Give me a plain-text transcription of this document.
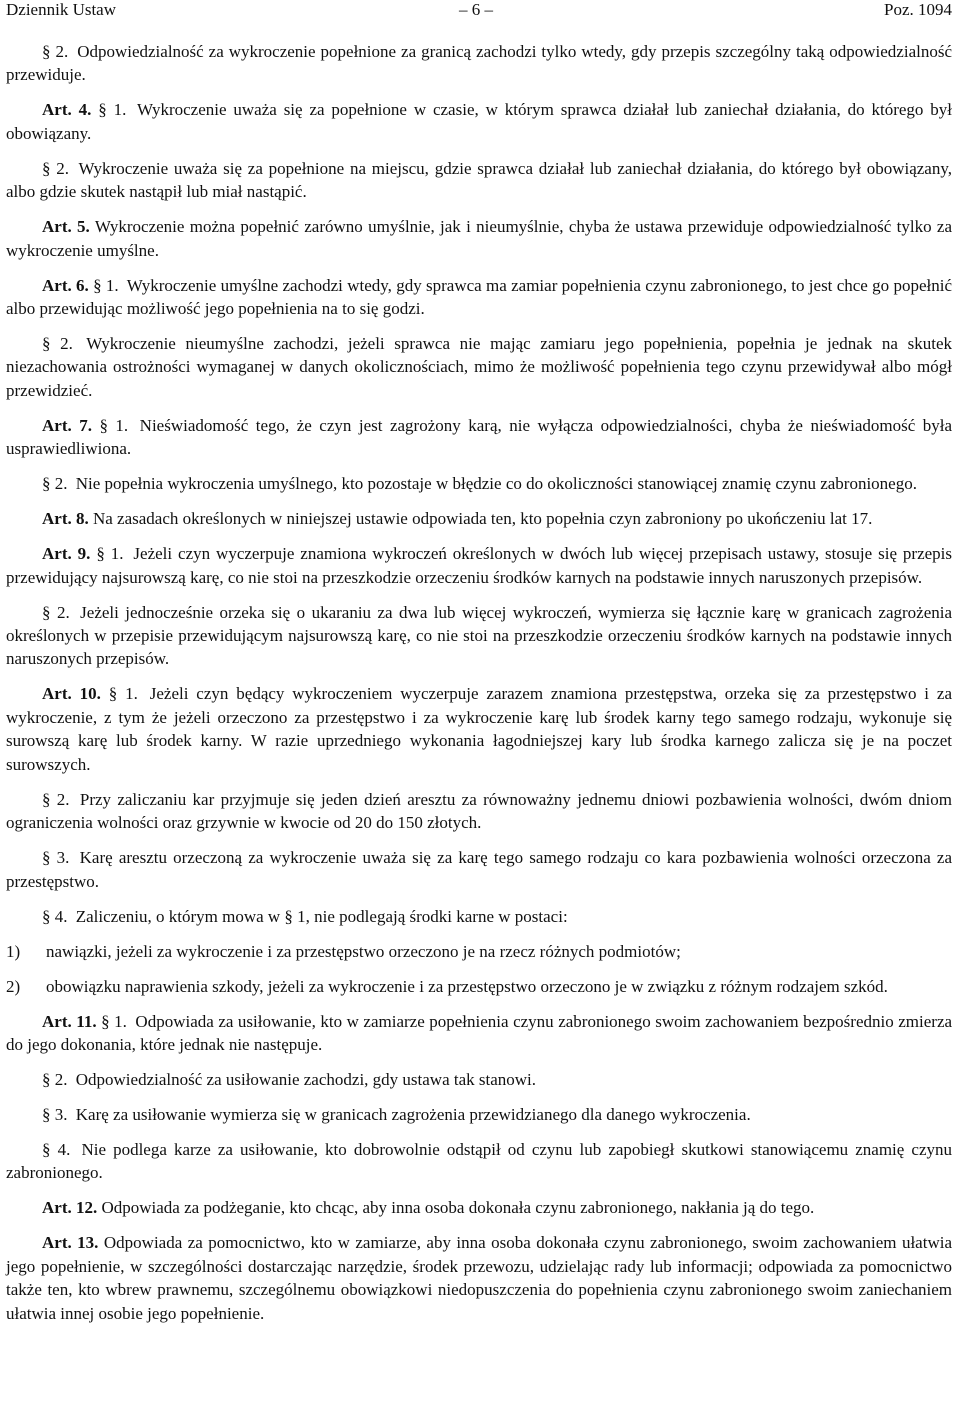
Dziennik Ustaw	– 6 –	Poz. 1094

§ 2. Odpowiedzialność za wykroczenie popełnione za granicą zachodzi tylko wtedy, gdy przepis szczególny taką odpowiedzialność przewiduje.

Art. 4. § 1. Wykroczenie uważa się za popełnione w czasie, w którym sprawca działał lub zaniechał działania, do którego był obowiązany.

§ 2. Wykroczenie uważa się za popełnione na miejscu, gdzie sprawca działał lub zaniechał działania, do którego był obowiązany, albo gdzie skutek nastąpił lub miał nastąpić.

Art. 5. Wykroczenie można popełnić zarówno umyślnie, jak i nieumyślnie, chyba że ustawa przewiduje odpowiedzialność tylko za wykroczenie umyślne.

Art. 6. § 1. Wykroczenie umyślne zachodzi wtedy, gdy sprawca ma zamiar popełnienia czynu zabronionego, to jest chce go popełnić albo przewidując możliwość jego popełnienia na to się godzi.

§ 2. Wykroczenie nieumyślne zachodzi, jeżeli sprawca nie mając zamiaru jego popełnienia, popełnia je jednak na skutek niezachowania ostrożności wymaganej w danych okolicznościach, mimo że możliwość popełnienia tego czynu przewidywał albo mógł przewidzieć.

Art. 7. § 1. Nieświadomość tego, że czyn jest zagrożony karą, nie wyłącza odpowiedzialności, chyba że nieświadomość była usprawiedliwiona.

§ 2. Nie popełnia wykroczenia umyślnego, kto pozostaje w błędzie co do okoliczności stanowiącej znamię czynu zabronionego.

Art. 8. Na zasadach określonych w niniejszej ustawie odpowiada ten, kto popełnia czyn zabroniony po ukończeniu lat 17.

Art. 9. § 1. Jeżeli czyn wyczerpuje znamiona wykroczeń określonych w dwóch lub więcej przepisach ustawy, stosuje się przepis przewidujący najsurowszą karę, co nie stoi na przeszkodzie orzeczeniu środków karnych na podstawie innych naruszonych przepisów.

§ 2. Jeżeli jednocześnie orzeka się o ukaraniu za dwa lub więcej wykroczeń, wymierza się łącznie karę w granicach zagrożenia określonych w przepisie przewidującym najsurowszą karę, co nie stoi na przeszkodzie orzeczeniu środków karnych na podstawie innych naruszonych przepisów.

Art. 10. § 1. Jeżeli czyn będący wykroczeniem wyczerpuje zarazem znamiona przestępstwa, orzeka się za przestępstwo i za wykroczenie, z tym że jeżeli orzeczono za przestępstwo i za wykroczenie karę lub środek karny tego samego rodzaju, wykonuje się surowszą karę lub środek karny. W razie uprzedniego wykonania łagodniejszej kary lub środka karnego zalicza się je na poczet surowszych.

§ 2. Przy zaliczaniu kar przyjmuje się jeden dzień aresztu za równoważny jednemu dniowi pozbawienia wolności, dwóm dniom ograniczenia wolności oraz grzywnie w kwocie od 20 do 150 złotych.

§ 3. Karę aresztu orzeczoną za wykroczenie uważa się za karę tego samego rodzaju co kara pozbawienia wolności orzeczona za przestępstwo.

§ 4. Zaliczeniu, o którym mowa w § 1, nie podlegają środki karne w postaci:

1)	nawiązki, jeżeli za wykroczenie i za przestępstwo orzeczono je na rzecz różnych podmiotów;
2)	obowiązku naprawienia szkody, jeżeli za wykroczenie i za przestępstwo orzeczono je w związku z różnym rodzajem szkód.

Art. 11. § 1. Odpowiada za usiłowanie, kto w zamiarze popełnienia czynu zabronionego swoim zachowaniem bezpośrednio zmierza do jego dokonania, które jednak nie następuje.

§ 2. Odpowiedzialność za usiłowanie zachodzi, gdy ustawa tak stanowi.

§ 3. Karę za usiłowanie wymierza się w granicach zagrożenia przewidzianego dla danego wykroczenia.

§ 4. Nie podlega karze za usiłowanie, kto dobrowolnie odstąpił od czynu lub zapobiegł skutkowi stanowiącemu znamię czynu zabronionego.

Art. 12. Odpowiada za podżeganie, kto chcąc, aby inna osoba dokonała czynu zabronionego, nakłania ją do tego.

Art. 13. Odpowiada za pomocnictwo, kto w zamiarze, aby inna osoba dokonała czynu zabronionego, swoim zachowaniem ułatwia jego popełnienie, w szczególności dostarczając narzędzie, środek przewozu, udzielając rady lub informacji; odpowiada za pomocnictwo także ten, kto wbrew prawnemu, szczególnemu obowiązkowi niedopuszczenia do popełnienia czynu zabronionego swoim zaniechaniem ułatwia innej osobie jego popełnienie.
